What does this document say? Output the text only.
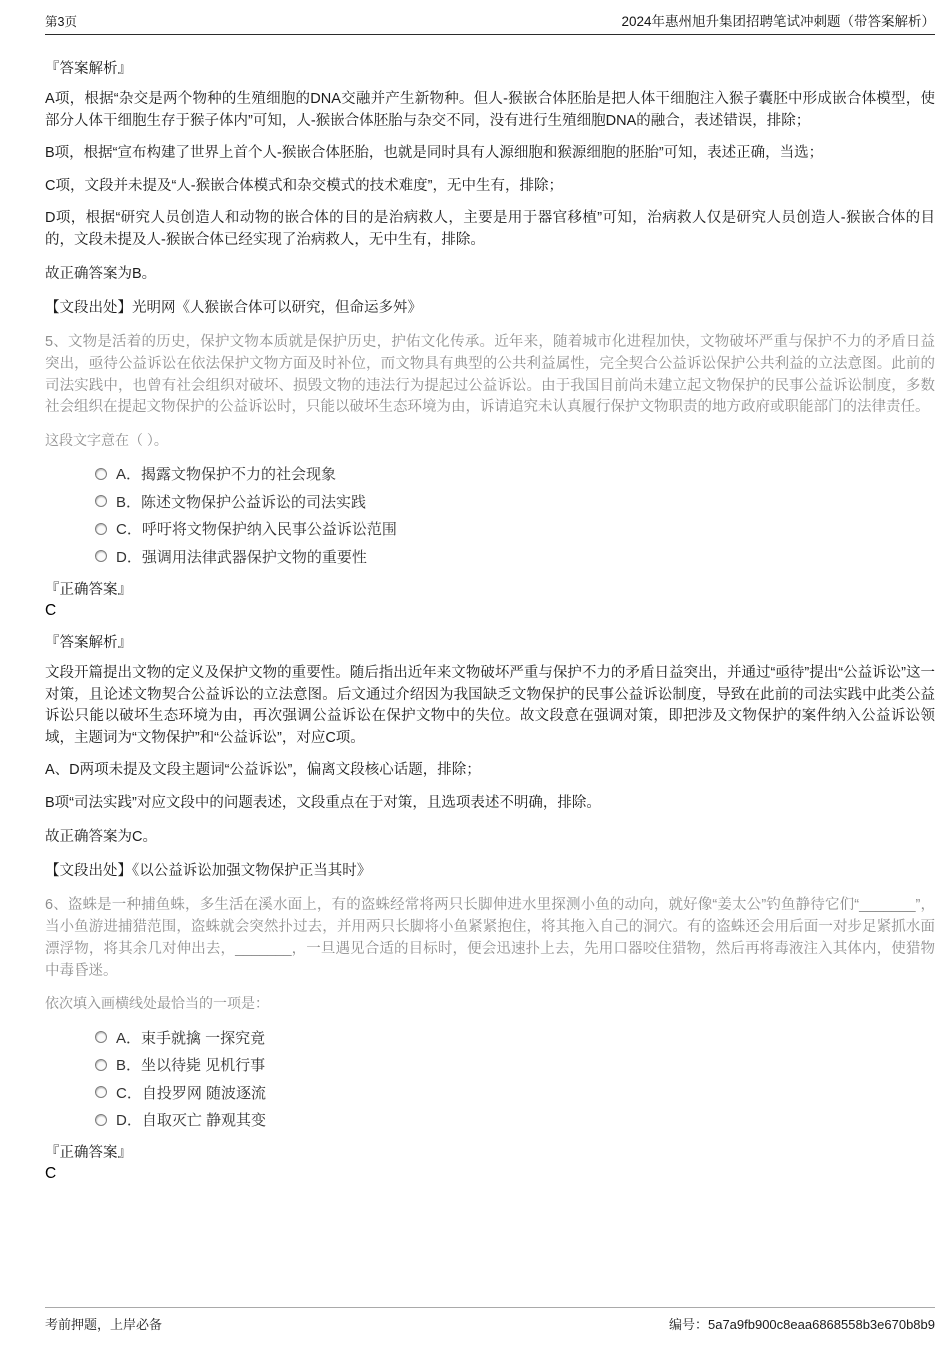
第3页	2024年惠州旭升集团招聘笔试冲刺题（带答案解析）
『答案解析』

A项，根据“杂交是两个物种的生殖细胞的DNA交融并产生新物种。但人-猴嵌合体胚胎是把人体干细胞注入猴子囊胚中形成嵌合体模型，使部分人体干细胞生存于猴子体内”可知，人-猴嵌合体胚胎与杂交不同，没有进行生殖细胞DNA的融合，表述错误，排除；

B项，根据“宣布构建了世界上首个人-猴嵌合体胚胎，也就是同时具有人源细胞和猴源细胞的胚胎”可知，表述正确，当选；

C项，文段并未提及“人-猴嵌合体模式和杂交模式的技术难度”，无中生有，排除；

D项，根据“研究人员创造人和动物的嵌合体的目的是治病救人，主要是用于器官移植”可知，治病救人仅是研究人员创造人-猴嵌合体的目的，文段未提及人-猴嵌合体已经实现了治病救人，无中生有，排除。

故正确答案为B。

【文段出处】光明网《人猴嵌合体可以研究，但命运多舛》

5、文物是活着的历史，保护文物本质就是保护历史，护佑文化传承。近年来，随着城市化进程加快，文物破坏严重与保护不力的矛盾日益突出，亟待公益诉讼在依法保护文物方面及时补位，而文物具有典型的公共利益属性，完全契合公益诉讼保护公共利益的立法意图。此前的司法实践中，也曾有社会组织对破坏、损毁文物的违法行为提起过公益诉讼。由于我国目前尚未建立起文物保护的民事公益诉讼制度，多数社会组织在提起文物保护的公益诉讼时，只能以破坏生态环境为由，诉请追究未认真履行保护文物职责的地方政府或职能部门的法律责任。

这段文字意在（ ）。

A．揭露文物保护不力的社会现象
B．陈述文物保护公益诉讼的司法实践
C．呼吁将文物保护纳入民事公益诉讼范围
D．强调用法律武器保护文物的重要性
『正确答案』
C
『答案解析』

文段开篇提出文物的定义及保护文物的重要性。随后指出近年来文物破坏严重与保护不力的矛盾日益突出，并通过“亟待”提出“公益诉讼”这一对策，且论述文物契合公益诉讼的立法意图。后文通过介绍因为我国缺乏文物保护的民事公益诉讼制度，导致在此前的司法实践中此类公益诉讼只能以破坏生态环境为由，再次强调公益诉讼在保护文物中的失位。故文段意在强调对策，即把涉及文物保护的案件纳入公益诉讼领域，主题词为“文物保护”和“公益诉讼”，对应C项。

A、D两项未提及文段主题词“公益诉讼”，偏离文段核心话题，排除；

B项“司法实践”对应文段中的问题表述，文段重点在于对策，且选项表述不明确，排除。

故正确答案为C。

【文段出处】《以公益诉讼加强文物保护正当其时》

6、盗蛛是一种捕鱼蛛，多生活在溪水面上，有的盗蛛经常将两只长脚伸进水里探测小鱼的动向，就好像“姜太公”钓鱼静待它们“_______”，当小鱼游进捕猎范围，盗蛛就会突然扑过去，并用两只长脚将小鱼紧紧抱住，将其拖入自己的洞穴。有的盗蛛还会用后面一对步足紧抓水面漂浮物，将其余几对伸出去，_______，一旦遇见合适的目标时，便会迅速扑上去，先用口器咬住猎物，然后再将毒液注入其体内，使猎物中毒昏迷。

依次填入画横线处最恰当的一项是：

A．束手就擒 一探究竟
B．坐以待毙 见机行事
C．自投罗网 随波逐流
D．自取灭亡 静观其变
『正确答案』
C
考前押题，上岸必备	编号：5a7a9fb900c8eaa6868558b3e670b8b9
